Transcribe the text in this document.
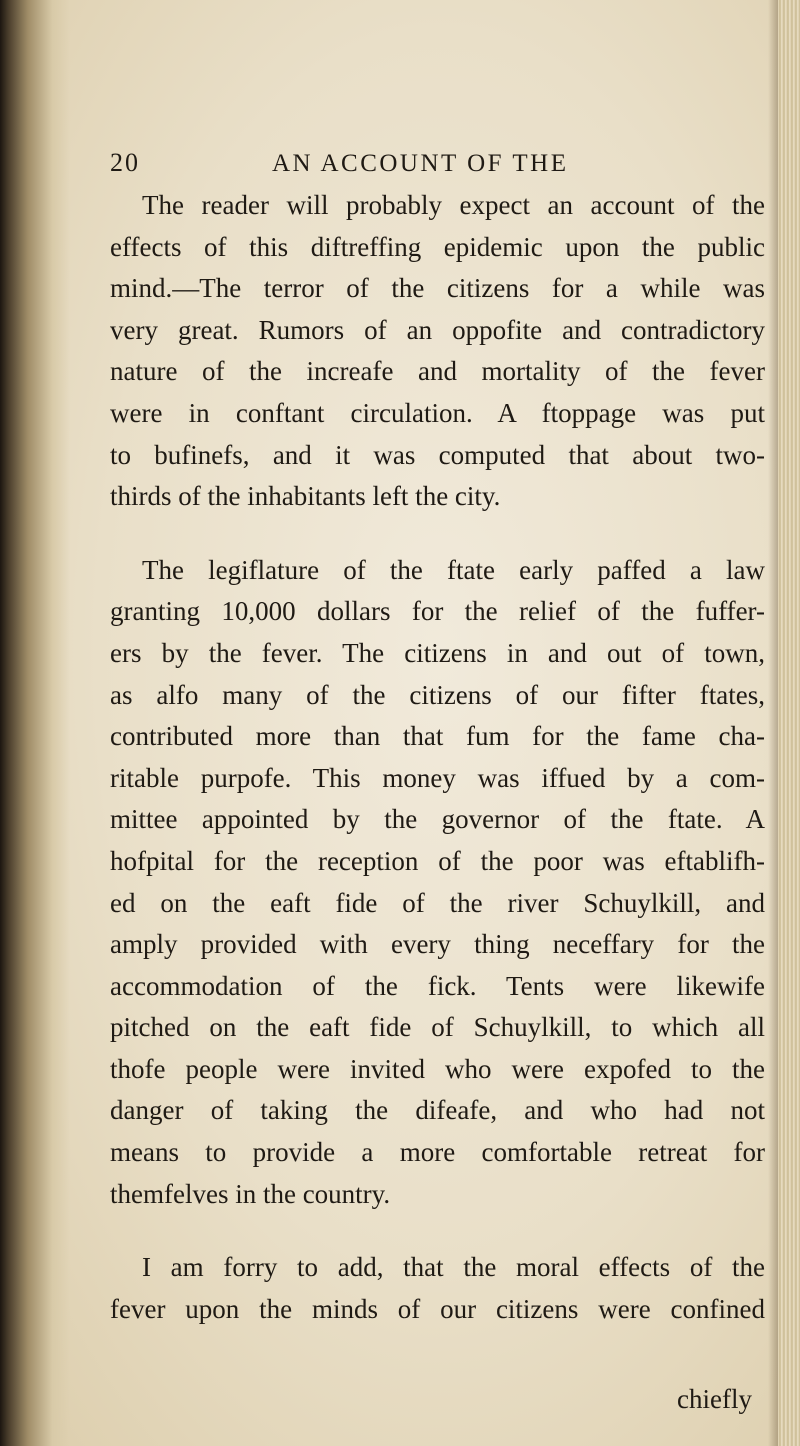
20	AN ACCOUNT OF THE
The reader will probably expect an account of the
effects of this diftreffing epidemic upon the public
mind.—The terror of the citizens for a while was
very great. Rumors of an oppofite and contradictory
nature of the increafe and mortality of the fever
were in conftant circulation. A ftoppage was put
to bufinefs, and it was computed that about two-
thirds of the inhabitants left the city.
The legiflature of the ftate early paffed a law
granting 10,000 dollars for the relief of the fuffer-
ers by the fever. The citizens in and out of town,
as alfo many of the citizens of our fifter ftates,
contributed more than that fum for the fame cha-
ritable purpofe. This money was iffued by a com-
mittee appointed by the governor of the ftate. A
hofpital for the reception of the poor was eftablifh-
ed on the eaft fide of the river Schuylkill, and
amply provided with every thing neceffary for the
accommodation of the fick. Tents were likewife
pitched on the eaft fide of Schuylkill, to which all
thofe people were invited who were expofed to the
danger of taking the difeafe, and who had not
means to provide a more comfortable retreat for
themfelves in the country.
I am forry to add, that the moral effects of the
fever upon the minds of our citizens were confined
chiefly
